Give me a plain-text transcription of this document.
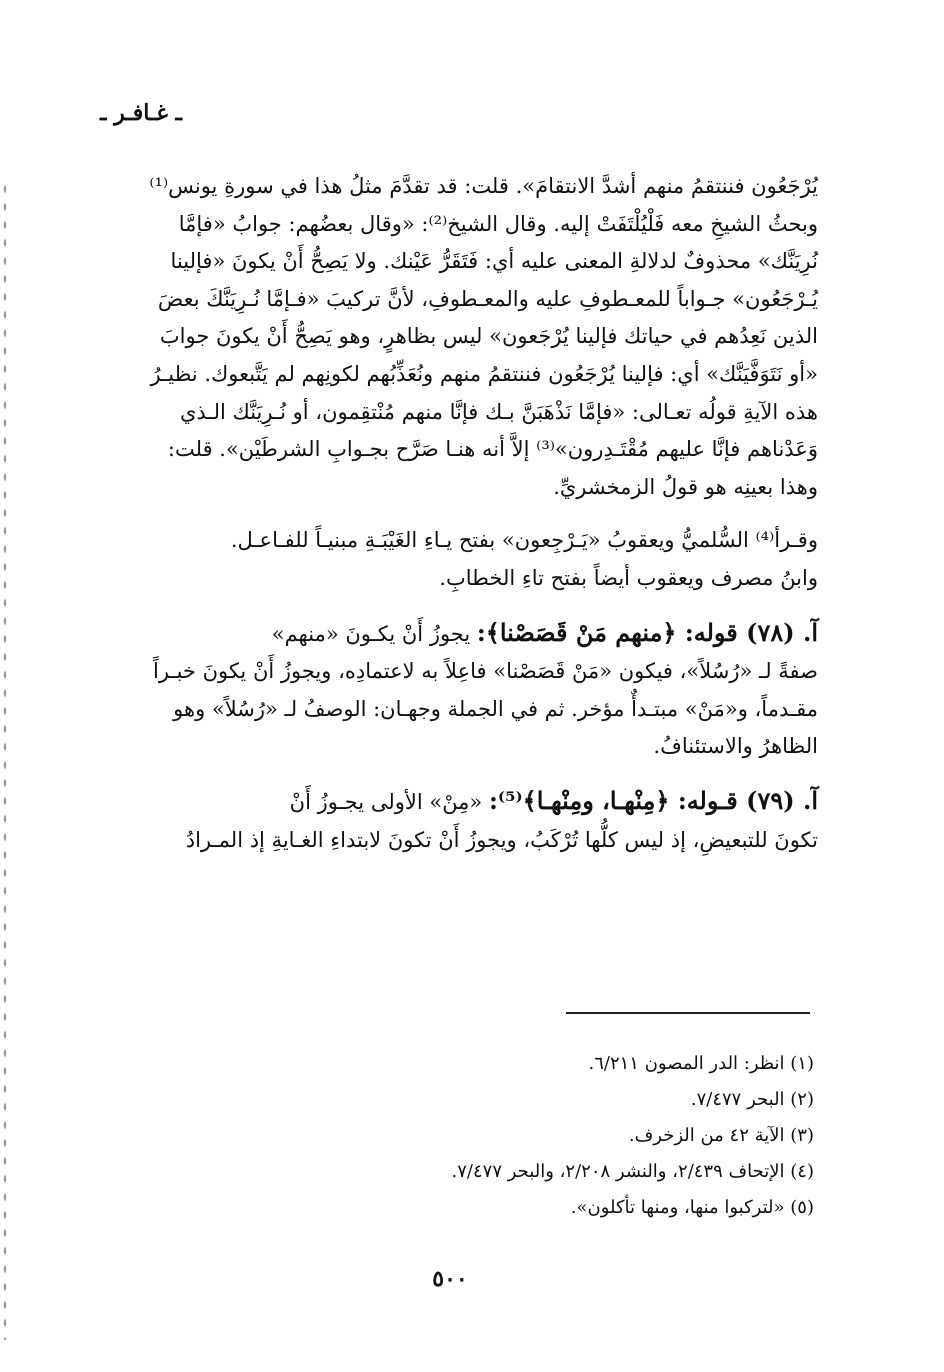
ـ غـافـر ـ
يُرْجَعُون فننتقمُ منهم أشدَّ الانتقامَ». قلت: قد تقدَّمَ مثلُ هذا في سورةِ يونس⁽¹⁾
وبحثُ الشيخِ معه فَلْيُلْتَفَتْ إليه. وقال الشيخ⁽²⁾: «وقال بعضُهم: جوابُ «فإمَّا
نُرِيَنَّك» محذوفٌ لدلالةِ المعنى عليه أي: فَتَقَرُّ عَيْنك. ولا يَصِحُّ أَنْ يكونَ «فإلينا
يُـرْجَعُون» جـواباً للمعـطوفِ عليه والمعـطوفِ، لأنَّ تركيبَ «فـإمَّا نُـرِيَنَّكَ بعضَ
الذين نَعِدُهم في حياتك فإلينا يُرْجَعون» ليس بظاهرٍ، وهو يَصِحُّ أَنْ يكونَ جوابَ
«أو نَتَوَفَّيَنَّك» أي: فإلينا يُرْجَعُون فننتقمُ منهم ونُعَذِّبُهم لكونِهم لم يَتَّبعوك. نظيـرُ
هذه الآيةِ قولُه تعـالى: «فإمَّا نَذْهَبَنَّ بـك فإنَّا منهم مُنْتقِمون، أو نُـرِيَنَّك الـذي
وَعَدْناهم فإنَّا عليهم مُقْتَـدِرون»⁽³⁾ إلاَّ أنه هنـا صَرَّح بجـوابِ الشرطَيْن». قلت:
وهذا بعينِه هو قولُ الزمخشريِّ.
وقـرأ⁽⁴⁾ السُّلميُّ ويعقوبُ «يَـرْجِعون» بفتح يـاءِ الغَيْبَـةِ مبنيـاً للفـاعـل.
وابنُ مصرف ويعقوب أيضاً بفتح تاءِ الخطابِ.
آ. (٧٨) قوله: ﴿منهم مَنْ قَصَصْنا﴾: يجوزُ أَنْ يكـونَ «منهم»
صفةً لـ «رُسُلاً»، فيكون «مَنْ قَصَصْنا» فاعِلاً به لاعتمادِه، ويجوزُ أَنْ يكونَ خبـراً
مقـدماً، و«مَنْ» مبتـدأٌ مؤخر. ثم في الجملة وجهـان: الوصفُ لـ «رُسُلاً» وهو
الظاهرُ والاستئنافُ.
آ. (٧٩) قـوله: ﴿مِنْهـا، ومِنْهـا﴾⁽⁵⁾: «مِنْ» الأولى يجـوزُ أَنْ
تكونَ للتبعيضِ، إذ ليس كلُّها تُرْكَبُ، ويجوزُ أَنْ تكونَ لابتداءِ الغـايةِ إذ المـرادُ
(١) انظر: الدر المصون ٦/٢١١.
(٢) البحر ٧/٤٧٧.
(٣) الآية ٤٢ من الزخرف.
(٤) الإتحاف ٢/٤٣٩، والنشر ٢/٢٠٨، والبحر ٧/٤٧٧.
(٥) «لتركبوا منها، ومنها تأكلون».
٥٠٠
